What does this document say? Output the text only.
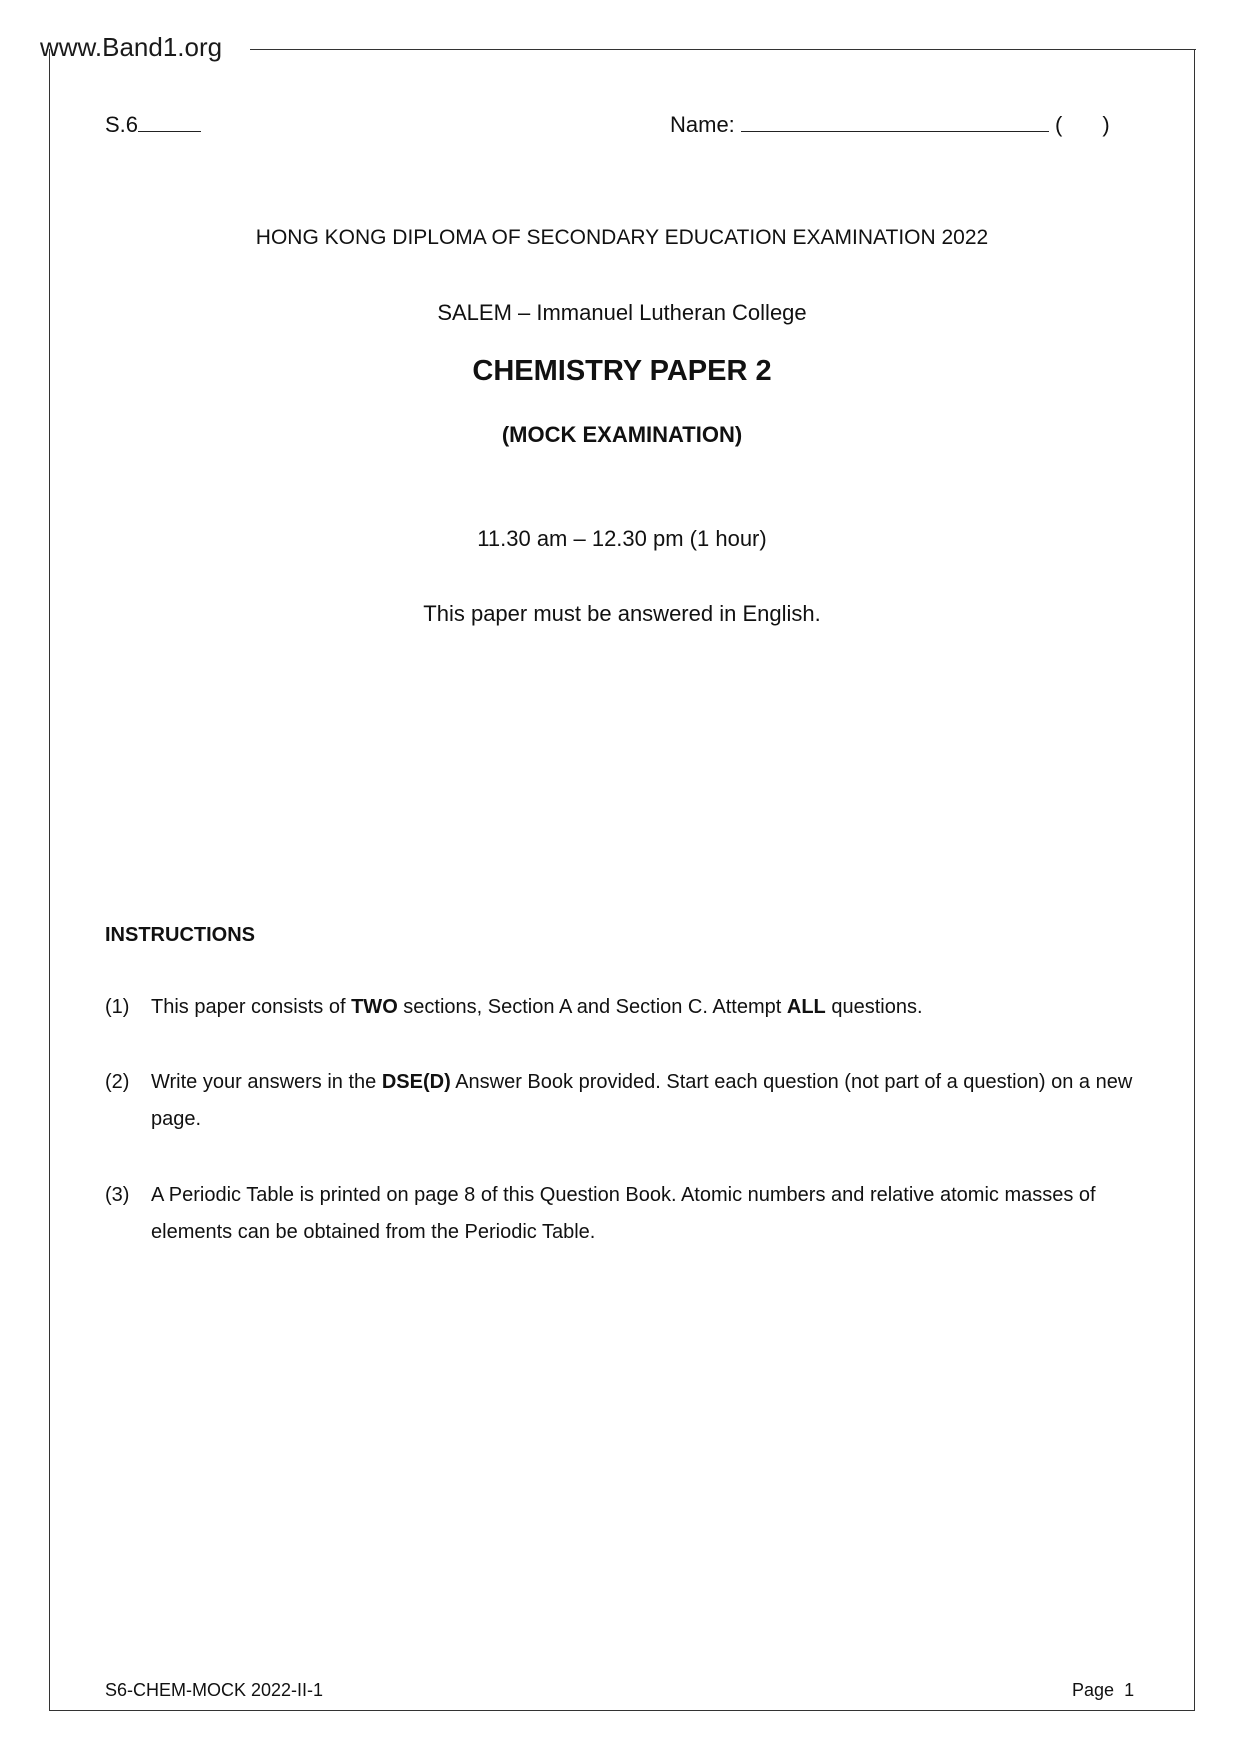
www.Band1.org
S.6	Name:	( )
HONG KONG DIPLOMA OF SECONDARY EDUCATION EXAMINATION 2022
SALEM – Immanuel Lutheran College
CHEMISTRY PAPER 2
(MOCK EXAMINATION)
11.30 am – 12.30 pm (1 hour)
This paper must be answered in English.
INSTRUCTIONS
(1)	This paper consists of TWO sections, Section A and Section C. Attempt ALL questions.
(2)	Write your answers in the DSE(D) Answer Book provided. Start each question (not part of a question) on a new page.
(3)	A Periodic Table is printed on page 8 of this Question Book. Atomic numbers and relative atomic masses of elements can be obtained from the Periodic Table.
S6-CHEM-MOCK 2022-II-1	Page 1
